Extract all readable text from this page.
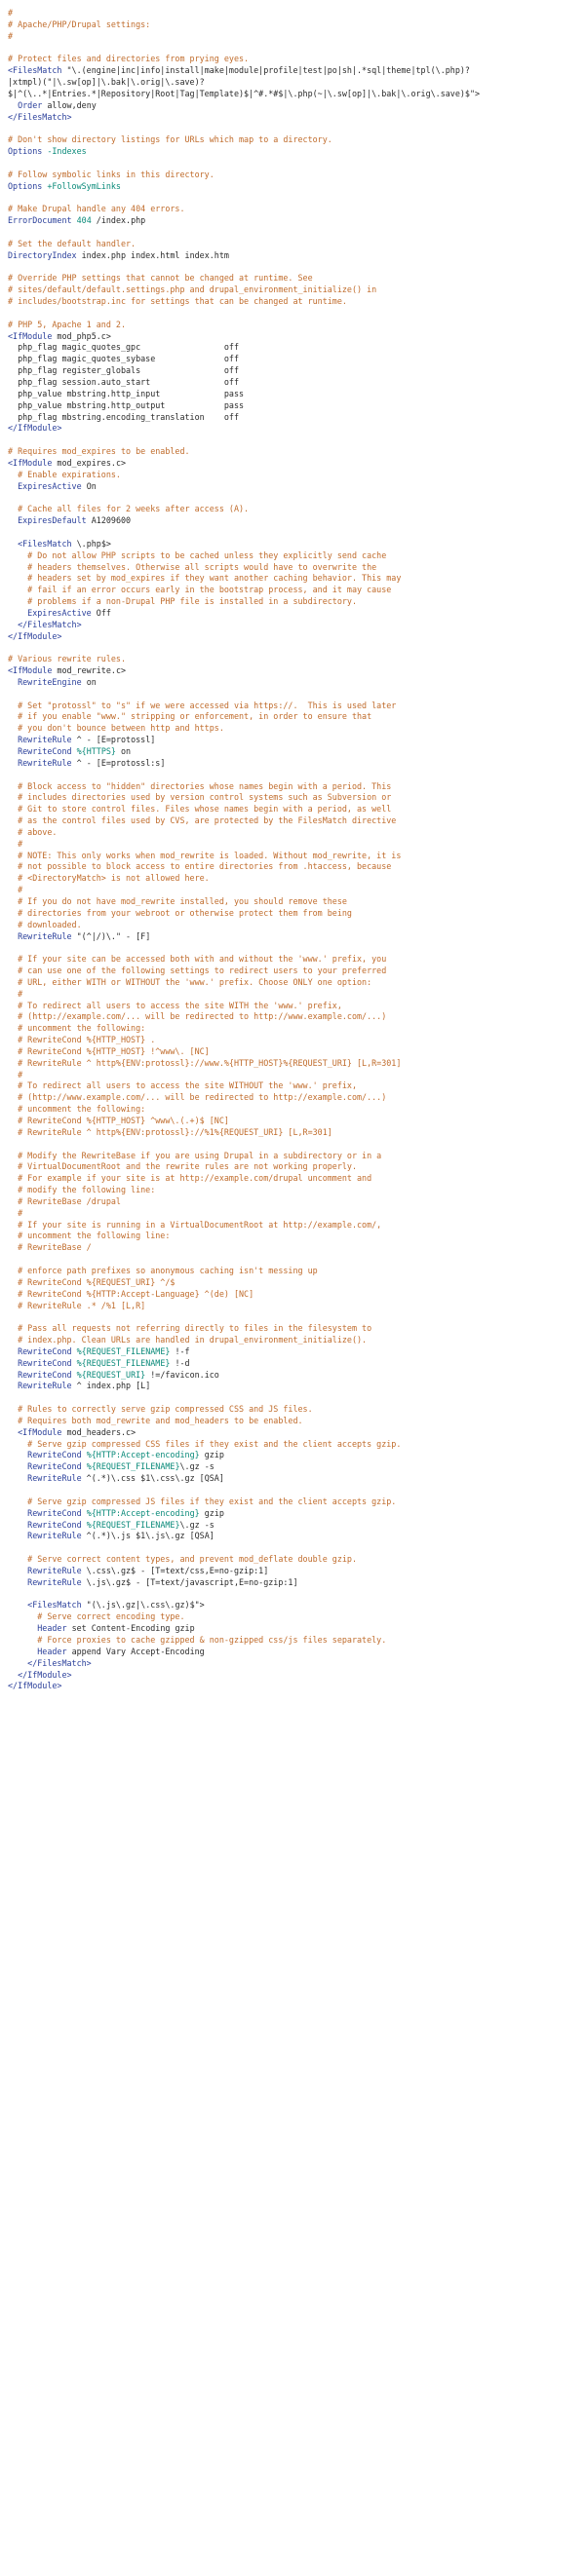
#
# Apache/PHP/Drupal settings:
#
# Protect files and directories from prying eyes.
<FilesMatch "\.(engine|inc|info|install|make|module|profile|test|po|sh|.*sql|theme|tpl(\.php)?
|xtmpl)("|\.sw[op]|\.bak|\.orig|\.save)?
$|^(\..*|Entries.*|Repository|Root|Tag|Template)$|^#.*#$|\.php(~|\.sw[op]|\.bak|\.orig\.save)$">
Order allow,deny
</FilesMatch>
# Don't show directory listings for URLs which map to a directory.
Options -Indexes
# Follow symbolic links in this directory.
Options +FollowSymLinks
# Make Drupal handle any 404 errors.
ErrorDocument 404 /index.php
# Set the default handler.
DirectoryIndex index.php index.html index.htm
# Override PHP settings that cannot be changed at runtime. See
# sites/default/default.settings.php and drupal_environment_initialize() in
# includes/bootstrap.inc for settings that can be changed at runtime.
# PHP 5, Apache 1 and 2.
<IfModule mod_php5.c>
php_flag magic_quotes_gpc                 off
php_flag magic_quotes_sybase              off
php_flag register_globals                 off
php_flag session.auto_start               off
php_value mbstring.http_input             pass
php_value mbstring.http_output            pass
php_flag mbstring.encoding_translation    off
</IfModule>
# Requires mod_expires to be enabled.
<IfModule mod_expires.c>
# Enable expirations.
ExpiresActive On
# Cache all files for 2 weeks after access (A).
ExpiresDefault A1209600
<FilesMatch \.php$>
# Do not allow PHP scripts to be cached unless they explicitly send cache
# headers themselves. Otherwise all scripts would have to overwrite the
# headers set by mod_expires if they want another caching behavior. This may
# fail if an error occurs early in the bootstrap process, and it may cause
# problems if a non-Drupal PHP file is installed in a subdirectory.
ExpiresActive Off
</FilesMatch>
</IfModule>
# Various rewrite rules.
<IfModule mod_rewrite.c>
RewriteEngine on
# Set "protossl" to "s" if we were accessed via https://.  This is used later
# if you enable "www." stripping or enforcement, in order to ensure that
# you don't bounce between http and https.
RewriteRule ^ - [E=protossl]
RewriteCond %{HTTPS} on
RewriteRule ^ - [E=protossl:s]
# Block access to "hidden" directories whose names begin with a period. This
# includes directories used by version control systems such as Subversion or
# Git to store control files. Files whose names begin with a period, as well
# as the control files used by CVS, are protected by the FilesMatch directive
# above.
#
# NOTE: This only works when mod_rewrite is loaded. Without mod_rewrite, it is
# not possible to block access to entire directories from .htaccess, because
# <DirectoryMatch> is not allowed here.
#
# If you do not have mod_rewrite installed, you should remove these
# directories from your webroot or otherwise protect them from being
# downloaded.
RewriteRule "(^|/)\." - [F]
# If your site can be accessed both with and without the 'www.' prefix, you
# can use one of the following settings to redirect users to your preferred
# URL, either WITH or WITHOUT the 'www.' prefix. Choose ONLY one option:
#
# To redirect all users to access the site WITH the 'www.' prefix,
# (http://example.com/... will be redirected to http://www.example.com/...)
# uncomment the following:
# RewriteCond %{HTTP_HOST} .
# RewriteCond %{HTTP_HOST} !^www\. [NC]
# RewriteRule ^ http%{ENV:protossl}://www.%{HTTP_HOST}%{REQUEST_URI} [L,R=301]
#
# To redirect all users to access the site WITHOUT the 'www.' prefix,
# (http://www.example.com/... will be redirected to http://example.com/...)
# uncomment the following:
# RewriteCond %{HTTP_HOST} ^www\.(.+)$ [NC]
# RewriteRule ^ http%{ENV:protossl}://%1%{REQUEST_URI} [L,R=301]
# Modify the RewriteBase if you are using Drupal in a subdirectory or in a
# VirtualDocumentRoot and the rewrite rules are not working properly.
# For example if your site is at http://example.com/drupal uncomment and
# modify the following line:
# RewriteBase /drupal
#
# If your site is running in a VirtualDocumentRoot at http://example.com/,
# uncomment the following line:
# RewriteBase /
# enforce path prefixes so anonymous caching isn't messing up
# RewriteCond %{REQUEST_URI} ^/$
# RewriteCond %{HTTP:Accept-Language} ^(de) [NC]
# RewriteRule .* /%1 [L,R]
# Pass all requests not referring directly to files in the filesystem to
# index.php. Clean URLs are handled in drupal_environment_initialize().
RewriteCond %{REQUEST_FILENAME} !-f
RewriteCond %{REQUEST_FILENAME} !-d
RewriteCond %{REQUEST_URI} !=/favicon.ico
RewriteRule ^ index.php [L]
# Rules to correctly serve gzip compressed CSS and JS files.
# Requires both mod_rewrite and mod_headers to be enabled.
<IfModule mod_headers.c>
# Serve gzip compressed CSS files if they exist and the client accepts gzip.
RewriteCond %{HTTP:Accept-encoding} gzip
RewriteCond %{REQUEST_FILENAME}\.gz -s
RewriteRule ^(.*)\.css $1\.css\.gz [QSA]
# Serve gzip compressed JS files if they exist and the client accepts gzip.
RewriteCond %{HTTP:Accept-encoding} gzip
RewriteCond %{REQUEST_FILENAME}\.gz -s
RewriteRule ^(.*)\.js $1\.js\.gz [QSA]
# Serve correct content types, and prevent mod_deflate double gzip.
RewriteRule \.css\.gz$ - [T=text/css,E=no-gzip:1]
RewriteRule \.js\.gz$ - [T=text/javascript,E=no-gzip:1]
<FilesMatch "(\.js\.gz|\.css\.gz)$">
# Serve correct encoding type.
Header set Content-Encoding gzip
# Force proxies to cache gzipped & non-gzipped css/js files separately.
Header append Vary Accept-Encoding
</FilesMatch>
</IfModule>
</IfModule>
